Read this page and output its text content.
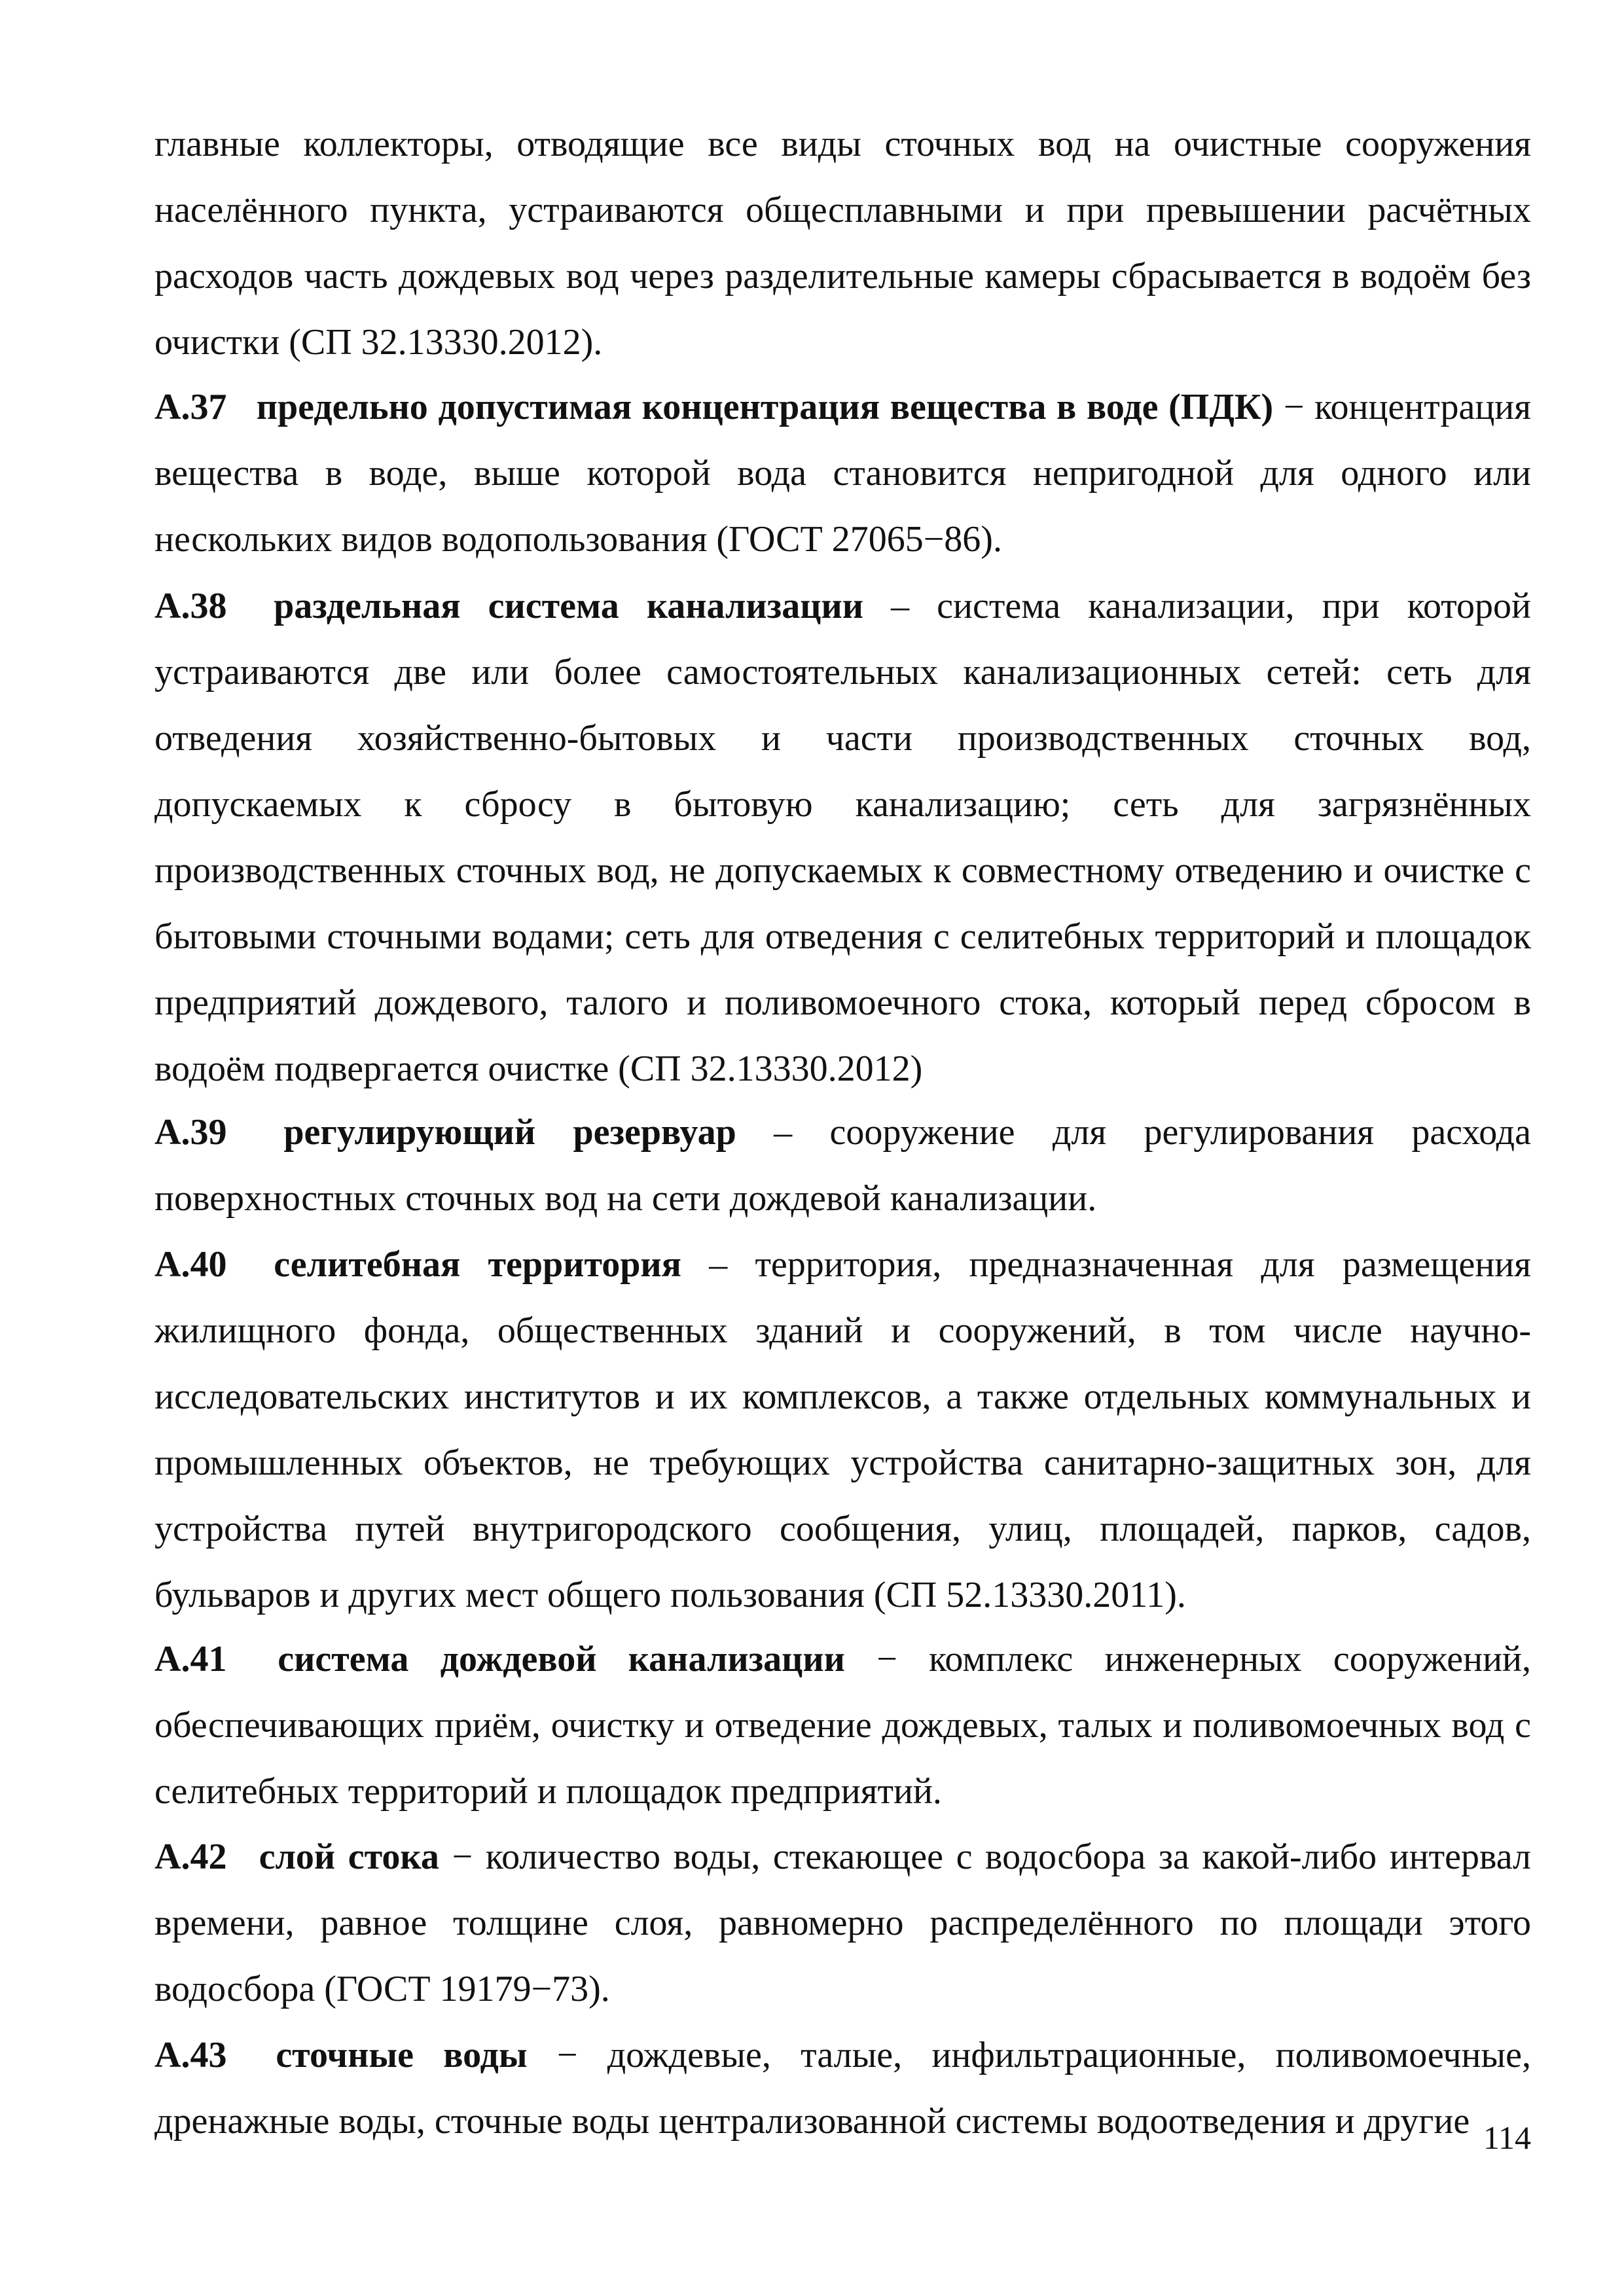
главные коллекторы, отводящие все виды сточных вод на очистные сооружения населённого пункта, устраиваются общесплавными и при превышении расчётных расходов часть дождевых вод через разделительные камеры сбрасывается в водоём без очистки (СП 32.13330.2012).

А.37 предельно допустимая концентрация вещества в воде (ПДК) − концентрация вещества в воде, выше которой вода становится непригодной для одного или нескольких видов водопользования (ГОСТ 27065−86).

А.38 раздельная система канализации – система канализации, при которой устраиваются две или более самостоятельных канализационных сетей: сеть для отведения хозяйственно-бытовых и части производственных сточных вод, допускаемых к сбросу в бытовую канализацию; сеть для загрязнённых производственных сточных вод, не допускаемых к совместному отведению и очистке с бытовыми сточными водами; сеть для отведения с селитебных территорий и площадок предприятий дождевого, талого и поливомоечного стока, который перед сбросом в водоём подвергается очистке (СП 32.13330.2012)

А.39 регулирующий резервуар – сооружение для регулирования расхода поверхностных сточных вод на сети дождевой канализации.

А.40 селитебная территория – территория, предназначенная для размещения жилищного фонда, общественных зданий и сооружений, в том числе научно-исследовательских институтов и их комплексов, а также отдельных коммунальных и промышленных объектов, не требующих устройства санитарно-защитных зон, для устройства путей внутригородского сообщения, улиц, площадей, парков, садов, бульваров и других мест общего пользования (СП 52.13330.2011).

А.41 система дождевой канализации − комплекс инженерных сооружений, обеспечивающих приём, очистку и отведение дождевых, талых и поливомоечных вод с селитебных территорий и площадок предприятий.

А.42 слой стока − количество воды, стекающее с водосбора за какой-либо интервал времени, равное толщине слоя, равномерно распределённого по площади этого водосбора (ГОСТ 19179−73).

А.43 сточные воды − дождевые, талые, инфильтрационные, поливомоечные, дренажные воды, сточные воды централизованной системы водоотведения и другие 114
